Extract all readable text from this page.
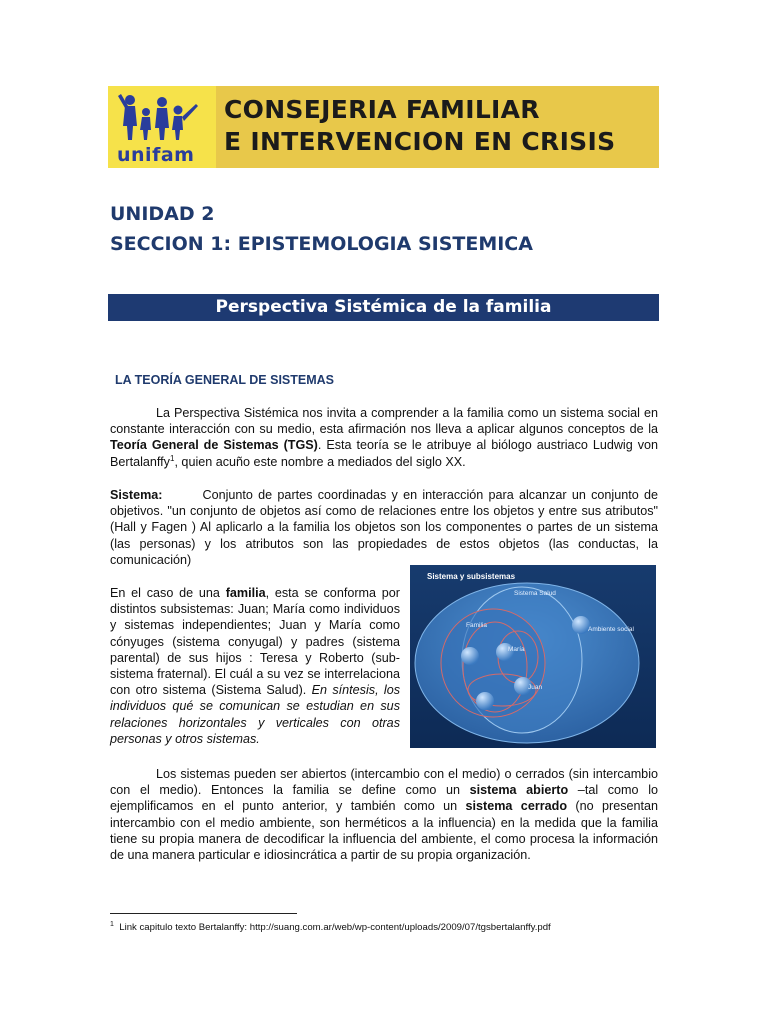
unifam
CONSEJERIA FAMILIAR
E INTERVENCION EN CRISIS
UNIDAD 2
SECCION 1: EPISTEMOLOGIA SISTEMICA
Perspectiva Sistémica de la familia
LA TEORÍA GENERAL DE SISTEMAS
La Perspectiva Sistémica nos invita a comprender a la familia como un sistema social en constante interacción con su medio, esta afirmación nos lleva a aplicar algunos conceptos de la Teoría General de Sistemas (TGS). Esta teoría se le atribuye al biólogo austriaco Ludwig von Bertalanffy$^1$, quien acuño este nombre a mediados del siglo XX.
Sistema:	Conjunto de partes coordinadas y en interacción para alcanzar un conjunto de objetivos. "un conjunto de objetos así como de relaciones entre los objetos y entre sus atributos" (Hall y Fagen ) Al aplicarlo a la familia los objetos son los componentes o partes de un sistema (las personas) y los atributos son las propiedades de estos objetos (las conductas, la comunicación)
En el caso de una familia, esta se conforma por distintos subsistemas: Juan; María como individuos y sistemas independientes; Juan y María como cónyuges (sistema conyugal) y padres (sistema parental) de sus hijos : Teresa y Roberto (sub-sistema fraternal). El cuál a su vez se interrelaciona con otro sistema (Sistema Salud). En síntesis, los individuos qué se comunican se estudian en sus relaciones horizontales y verticales con otras personas y otros sistemas.
Sistema y subsistemas
Sistema Salud
Familia
María
Juan
Ambiente social
Los sistemas pueden ser abiertos (intercambio con el medio) o cerrados (sin intercambio con el medio). Entonces la familia se define como un sistema abierto –tal como lo ejemplificamos en el punto anterior, y también como un sistema cerrado (no presentan intercambio con el medio ambiente, son herméticos a la influencia) en la medida que la familia tiene su propia manera de decodificar la influencia del ambiente, el como procesa la información de una manera particular e idiosincrática a partir de su propia organización.
$^1$ Link capitulo texto Bertalanffy: http://suang.com.ar/web/wp-content/uploads/2009/07/tgsbertalanffy.pdf
